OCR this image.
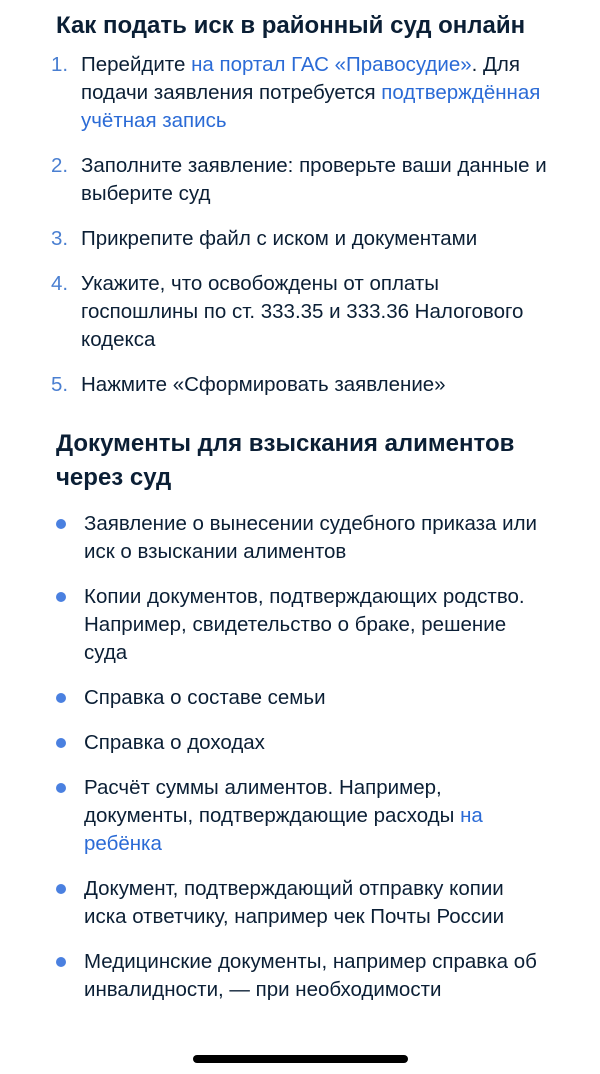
Как подать иск в районный суд онлайн
1. Перейдите на портал ГАС «Правосудие». Для подачи заявления потребуется подтверждённая учётная запись
2. Заполните заявление: проверьте ваши данные и выберите суд
3. Прикрепите файл с иском и документами
4. Укажите, что освобождены от оплаты госпошлины по ст. 333.35 и 333.36 Налогового кодекса
5. Нажмите «Сформировать заявление»
Документы для взыскания алиментов через суд
Заявление о вынесении судебного приказа или иск о взыскании алиментов
Копии документов, подтверждающих родство. Например, свидетельство о браке, решение суда
Справка о составе семьи
Справка о доходах
Расчёт суммы алиментов. Например, документы, подтверждающие расходы на ребёнка
Документ, подтверждающий отправку копии иска ответчику, например чек Почты России
Медицинские документы, например справка об инвалидности, — при необходимости
